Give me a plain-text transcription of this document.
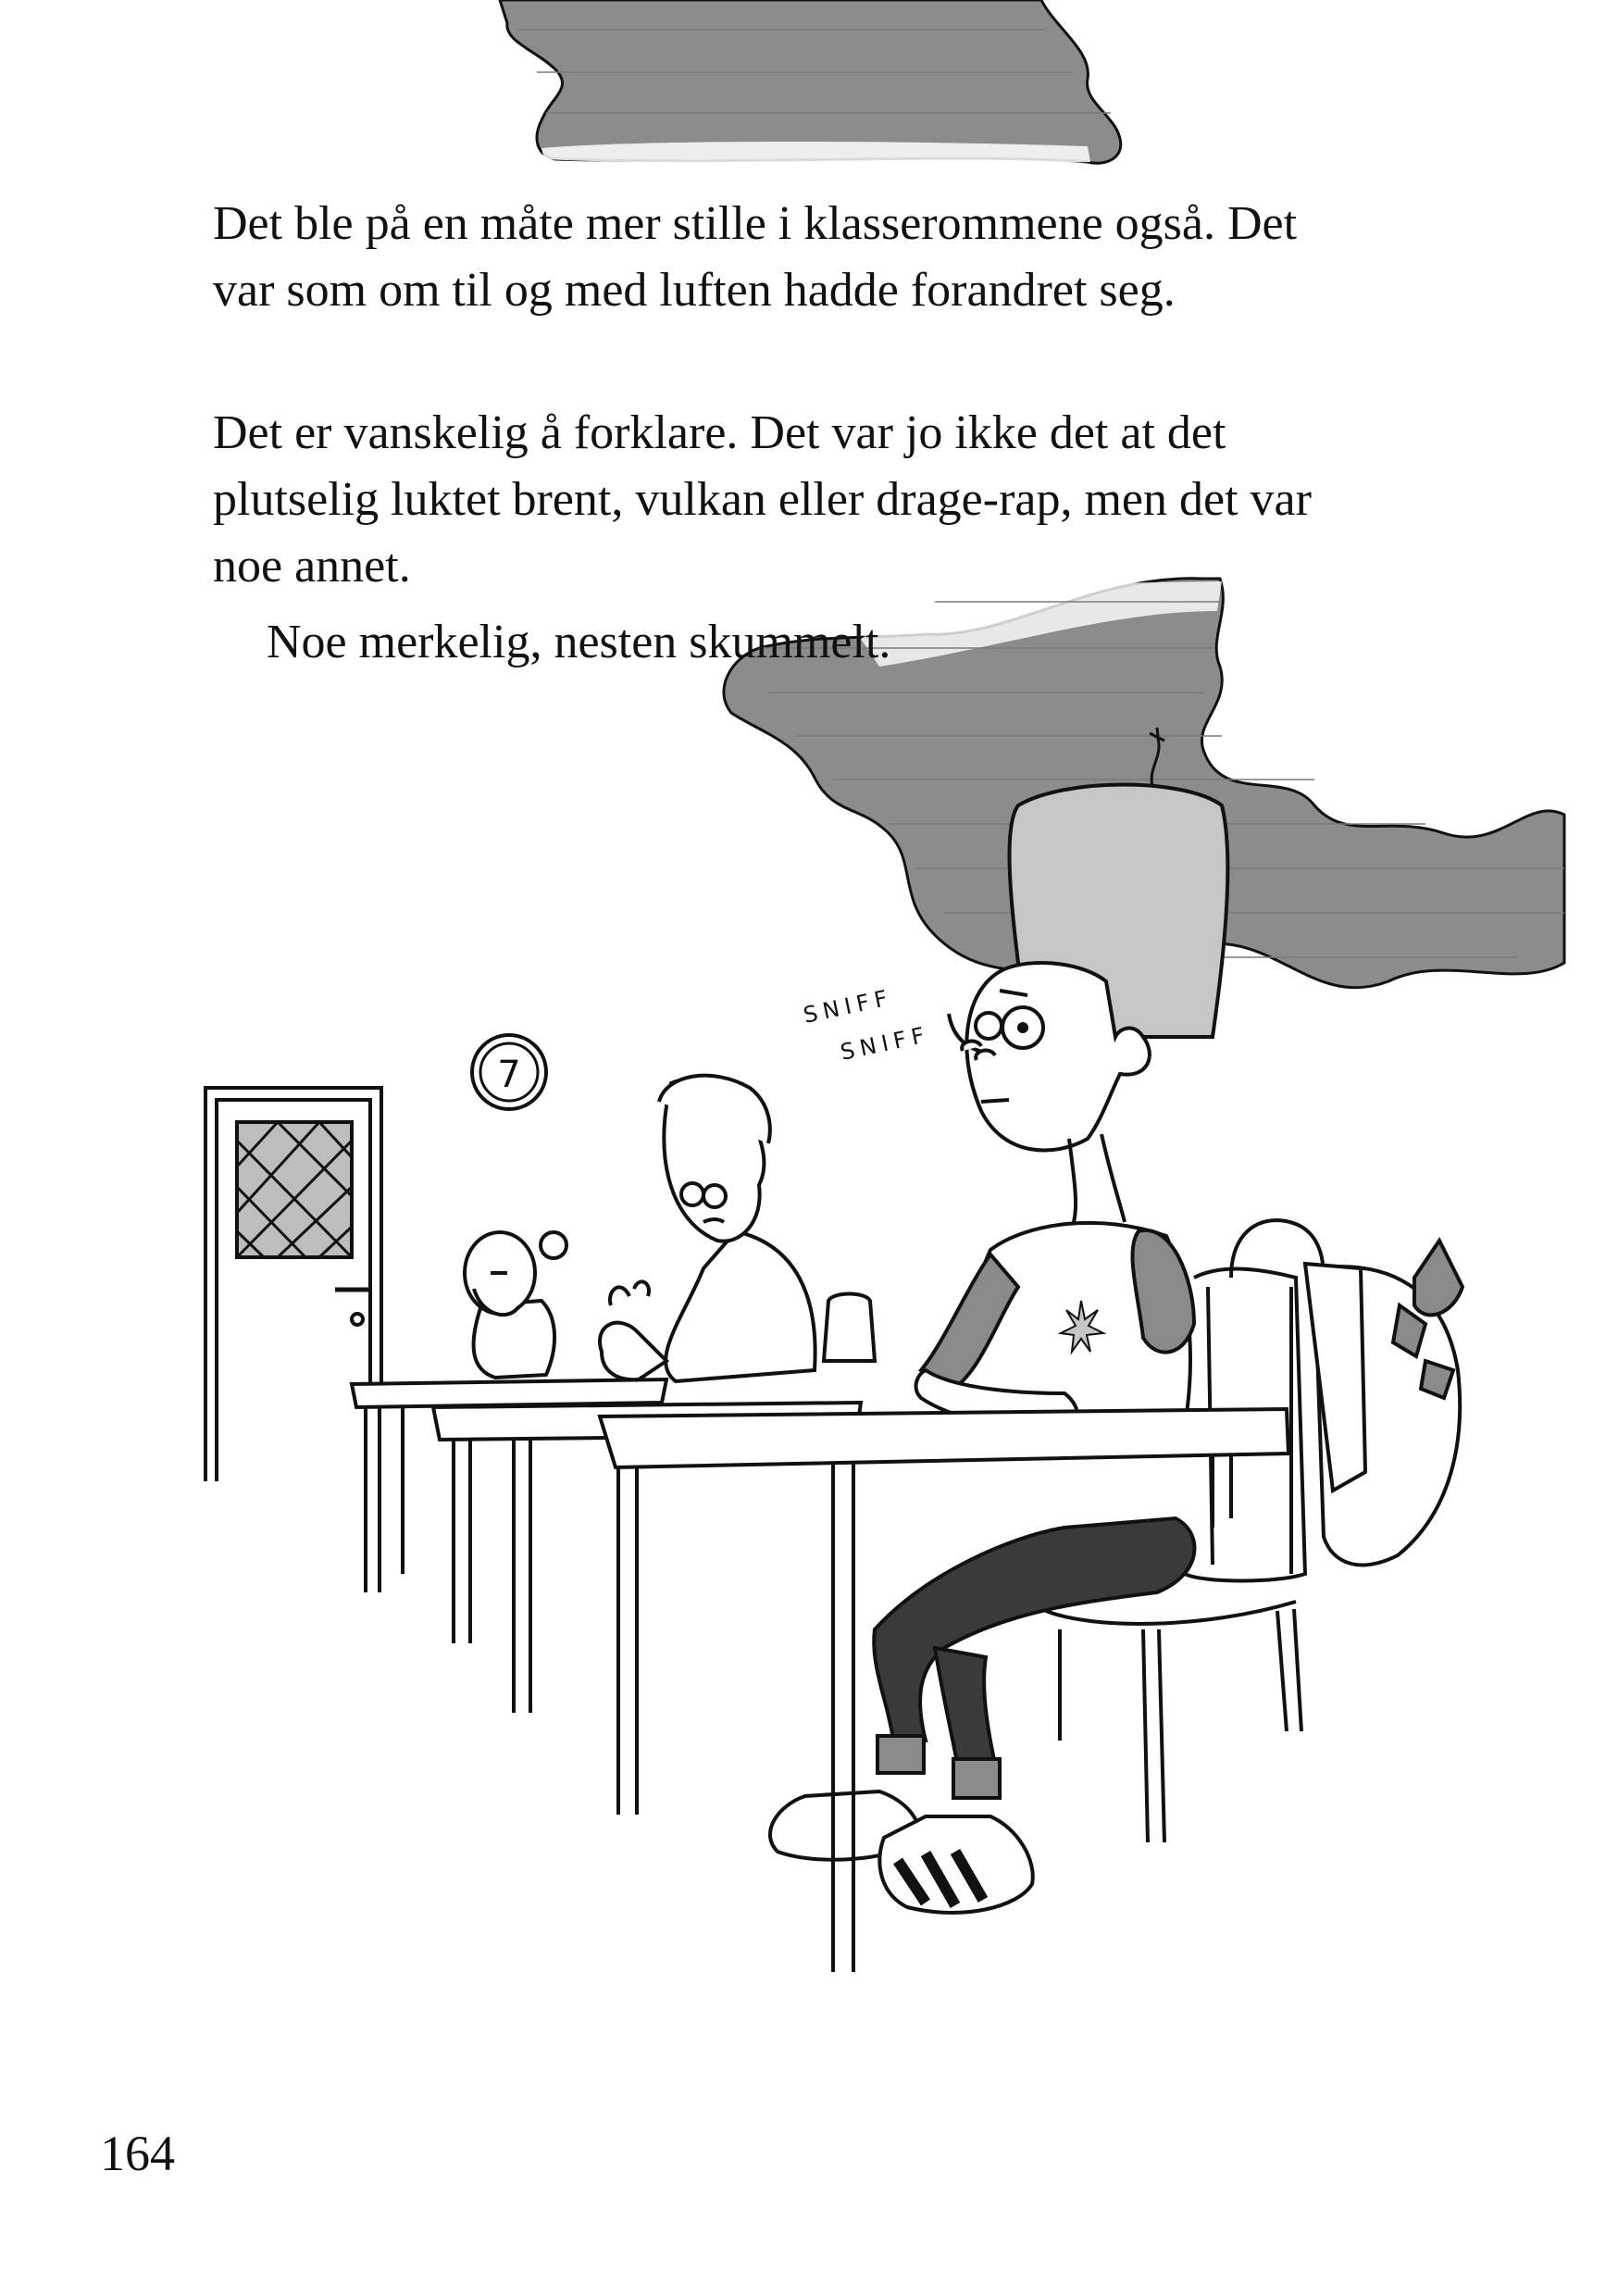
7
SNIFF
SNIFF

Det ble på en måte mer stille i klasserommene også. Det
var som om til og med luften hadde forandret seg.

Det er vanskelig å forklare. Det var jo ikke det at det
plutselig luktet brent, vulkan eller drage-rap, men det var
noe annet.

Noe merkelig, nesten skummelt.

164
